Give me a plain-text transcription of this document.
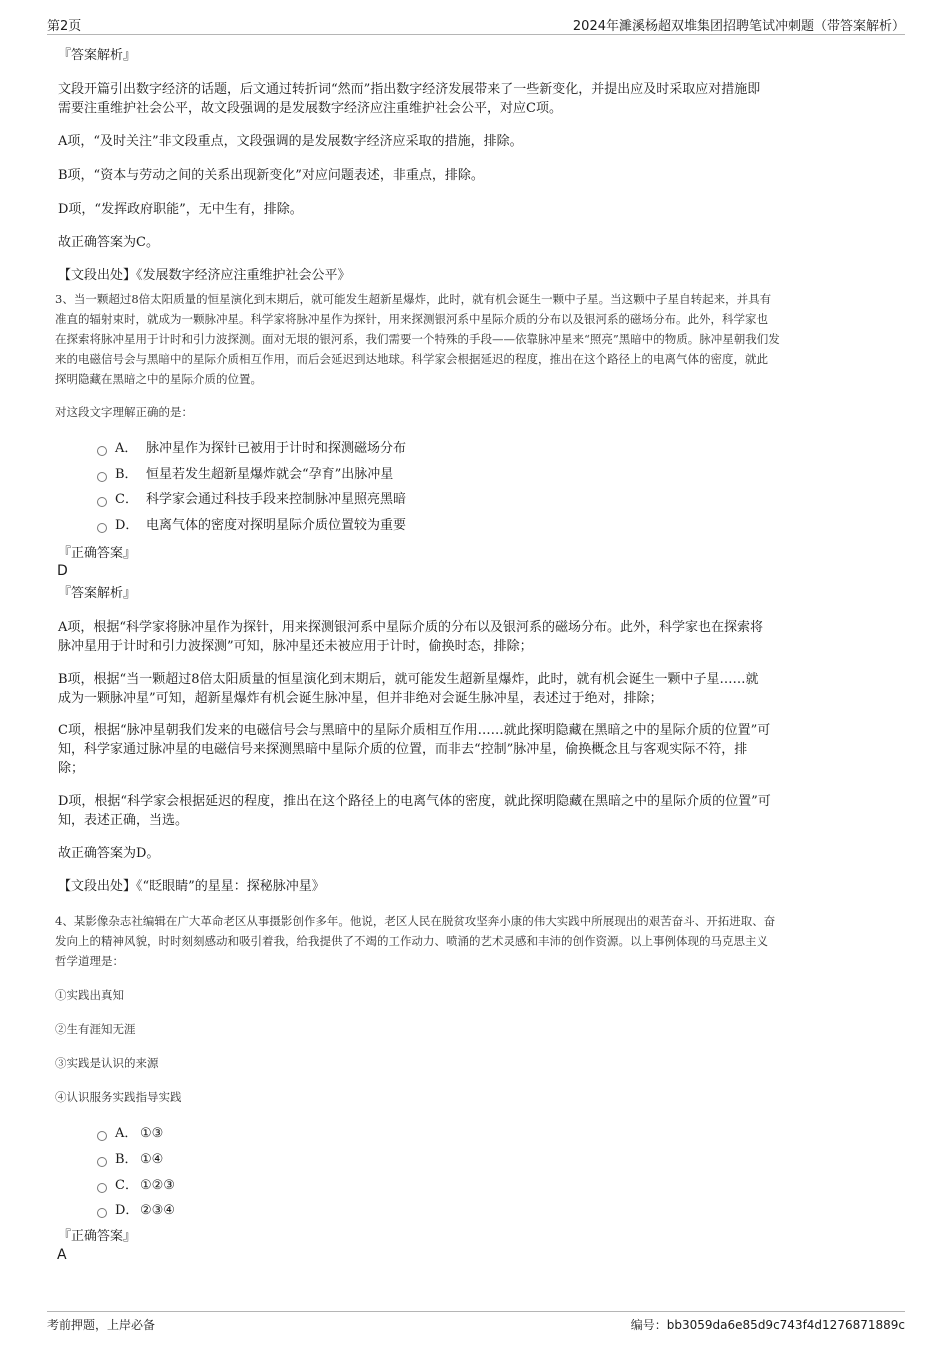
第2页	2024年濉溪杨超双堆集团招聘笔试冲刺题（带答案解析）
『答案解析』
文段开篇引出数字经济的话题，后文通过转折词“然而”指出数字经济发展带来了一些新变化，并提出应及时采取应对措施即
需要注重维护社会公平，故文段强调的是发展数字经济应注重维护社会公平，对应C项。
A项，“及时关注”非文段重点，文段强调的是发展数字经济应采取的措施，排除。
B项，“资本与劳动之间的关系出现新变化”对应问题表述，非重点，排除。
D项，“发挥政府职能”，无中生有，排除。
故正确答案为C。
【文段出处】《发展数字经济应注重维护社会公平》
3、当一颗超过8倍太阳质量的恒星演化到末期后，就可能发生超新星爆炸，此时，就有机会诞生一颗中子星。当这颗中子星自转起来，并具有
准直的辐射束时，就成为一颗脉冲星。科学家将脉冲星作为探针，用来探测银河系中星际介质的分布以及银河系的磁场分布。此外，科学家也
在探索将脉冲星用于计时和引力波探测。面对无垠的银河系，我们需要一个特殊的手段——依靠脉冲星来“照亮”黑暗中的物质。脉冲星朝我们发
来的电磁信号会与黑暗中的星际介质相互作用，而后会延迟到达地球。科学家会根据延迟的程度，推出在这个路径上的电离气体的密度，就此
探明隐藏在黑暗之中的星际介质的位置。
对这段文字理解正确的是：
A． 脉冲星作为探针已被用于计时和探测磁场分布
B． 恒星若发生超新星爆炸就会“孕育”出脉冲星
C． 科学家会通过科技手段来控制脉冲星照亮黑暗
D． 电离气体的密度对探明星际介质位置较为重要
『正确答案』
D
『答案解析』
A项，根据“科学家将脉冲星作为探针，用来探测银河系中星际介质的分布以及银河系的磁场分布。此外，科学家也在探索将
脉冲星用于计时和引力波探测”可知，脉冲星还未被应用于计时，偷换时态，排除；
B项，根据“当一颗超过8倍太阳质量的恒星演化到末期后，就可能发生超新星爆炸，此时，就有机会诞生一颗中子星……就
成为一颗脉冲星”可知，超新星爆炸有机会诞生脉冲星，但并非绝对会诞生脉冲星，表述过于绝对，排除；
C项，根据“脉冲星朝我们发来的电磁信号会与黑暗中的星际介质相互作用……就此探明隐藏在黑暗之中的星际介质的位置”可
知，科学家通过脉冲星的电磁信号来探测黑暗中星际介质的位置，而非去“控制”脉冲星，偷换概念且与客观实际不符，排
除；
D项，根据“科学家会根据延迟的程度，推出在这个路径上的电离气体的密度，就此探明隐藏在黑暗之中的星际介质的位置”可
知，表述正确，当选。
故正确答案为D。
【文段出处】《“眨眼睛”的星星：探秘脉冲星》
4、某影像杂志社编辑在广大革命老区从事摄影创作多年。他说，老区人民在脱贫攻坚奔小康的伟大实践中所展现出的艰苦奋斗、开拓进取、奋
发向上的精神风貌，时时刻刻感动和吸引着我，给我提供了不竭的工作动力、喷涌的艺术灵感和丰沛的创作资源。以上事例体现的马克思主义
哲学道理是：
①实践出真知
②生有涯知无涯
③实践是认识的来源
④认识服务实践指导实践
A． ①③
B． ①④
C． ①②③
D． ②③④
『正确答案』
A
考前押题，上岸必备	编号：bb3059da6e85d9c743f4d1276871889c
